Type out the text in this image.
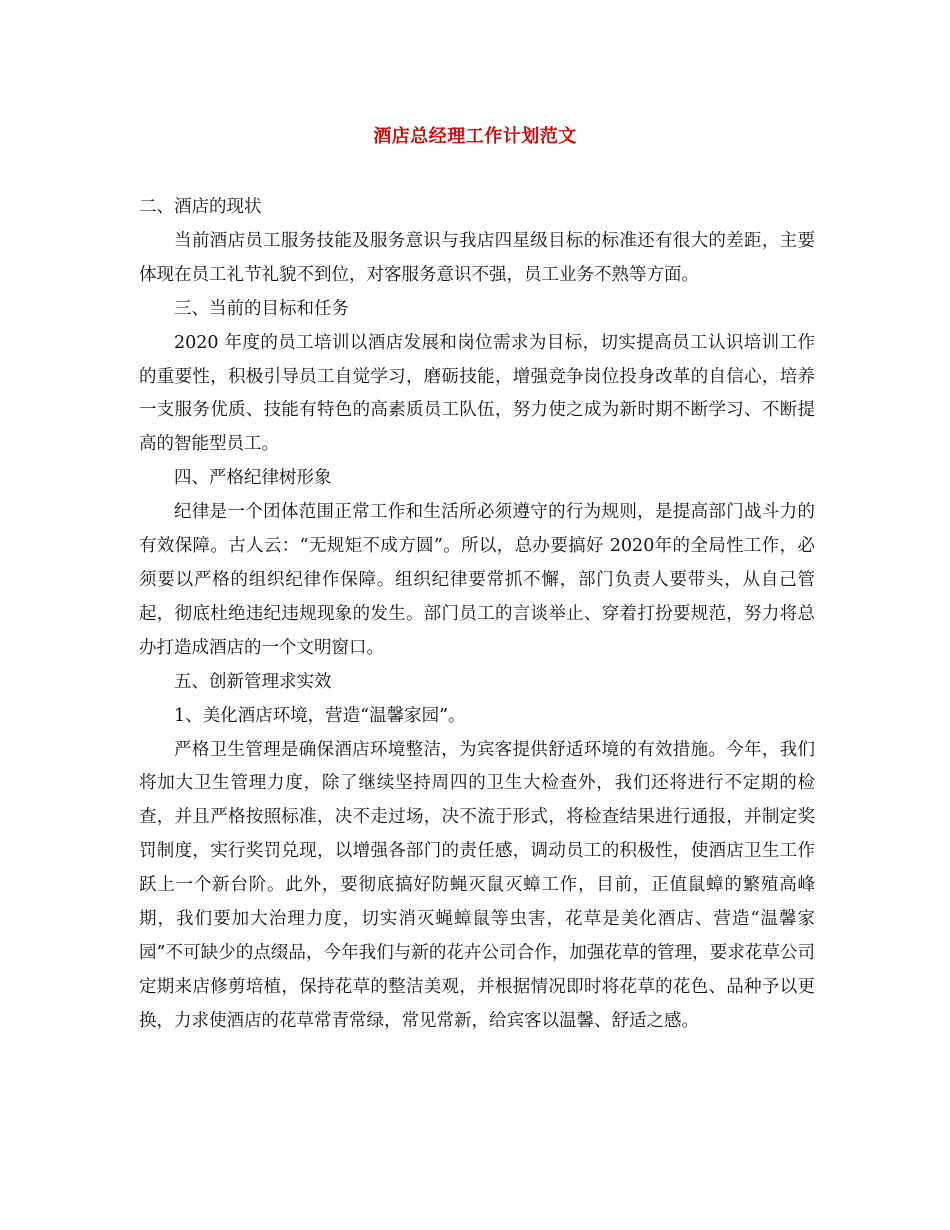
酒店总经理工作计划范文

二、酒店的现状

当前酒店员工服务技能及服务意识与我店四星级目标的标准还有很大的差距，主要体现在员工礼节礼貌不到位，对客服务意识不强，员工业务不熟等方面。

三、当前的目标和任务

2020 年度的员工培训以酒店发展和岗位需求为目标，切实提高员工认识培训工作的重要性，积极引导员工自觉学习，磨砺技能，增强竞争岗位投身改革的自信心，培养一支服务优质、技能有特色的高素质员工队伍，努力使之成为新时期不断学习、不断提高的智能型员工。

四、严格纪律树形象

纪律是一个团体范围正常工作和生活所必须遵守的行为规则，是提高部门战斗力的有效保障。古人云：“无规矩不成方圆”。所以，总办要搞好 2020年的全局性工作，必须要以严格的组织纪律作保障。组织纪律要常抓不懈，部门负责人要带头，从自己管起，彻底杜绝违纪违规现象的发生。部门员工的言谈举止、穿着打扮要规范，努力将总办打造成酒店的一个文明窗口。

五、创新管理求实效

1、美化酒店环境，营造“温馨家园”。

严格卫生管理是确保酒店环境整洁，为宾客提供舒适环境的有效措施。今年，我们将加大卫生管理力度，除了继续坚持周四的卫生大检查外，我们还将进行不定期的检查，并且严格按照标准，决不走过场，决不流于形式，将检查结果进行通报，并制定奖罚制度，实行奖罚兑现，以增强各部门的责任感，调动员工的积极性，使酒店卫生工作跃上一个新台阶。此外，要彻底搞好防蝇灭鼠灭蟑工作，目前，正值鼠蟑的繁殖高峰期，我们要加大治理力度，切实消灭蝇蟑鼠等虫害，花草是美化酒店、营造“温馨家园”不可缺少的点缀品，今年我们与新的花卉公司合作，加强花草的管理，要求花草公司定期来店修剪培植，保持花草的整洁美观，并根据情况即时将花草的花色、品种予以更换，力求使酒店的花草常青常绿，常见常新，给宾客以温馨、舒适之感。
